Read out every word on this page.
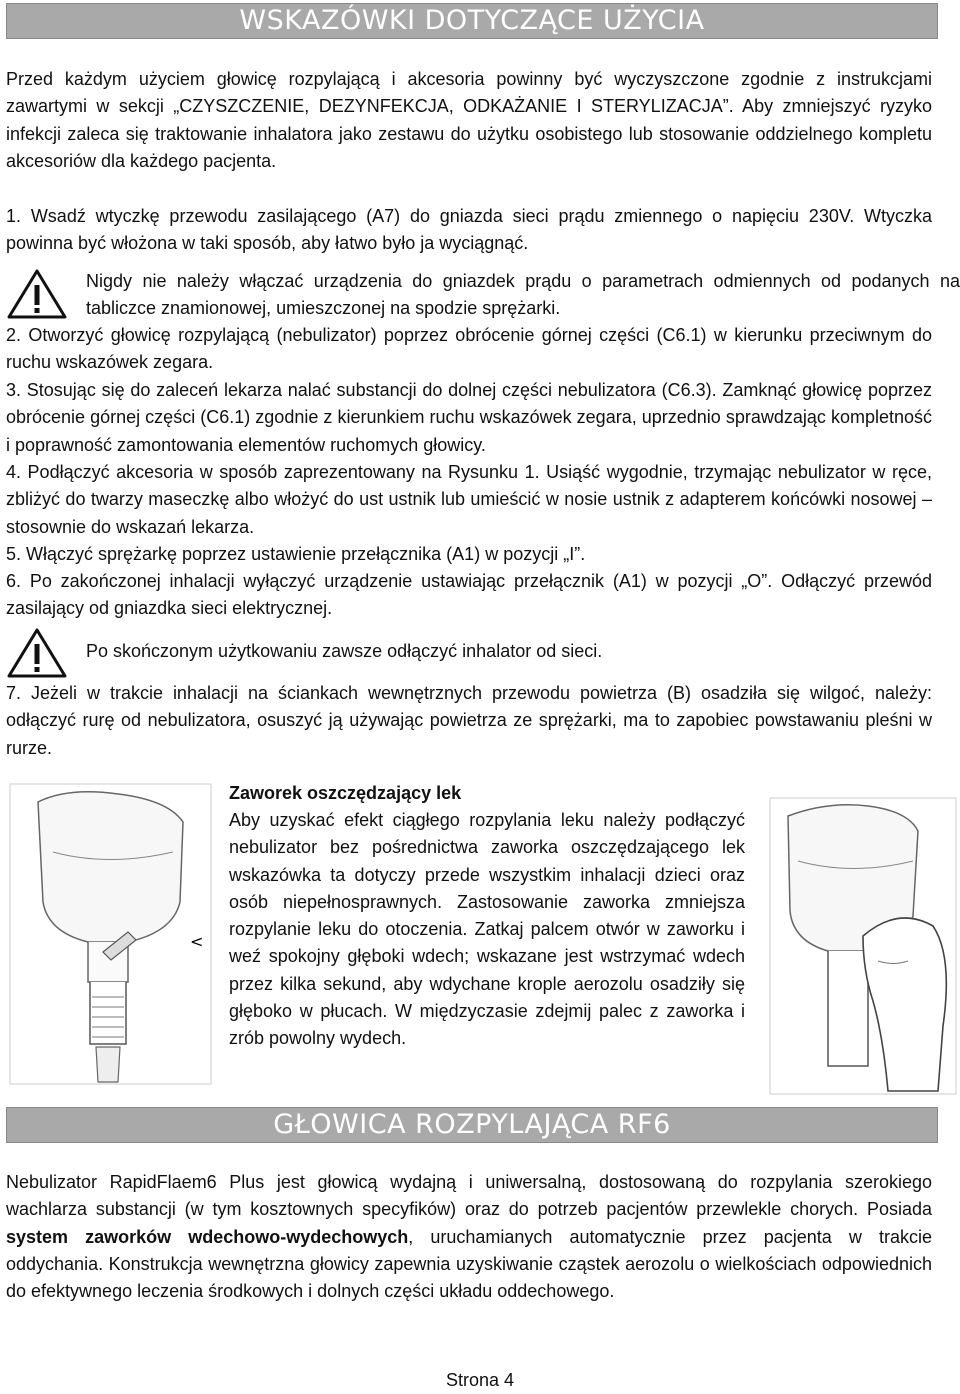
WSKAZÓWKI DOTYCZĄCE UŻYCIA

Przed każdym użyciem głowicę rozpylającą i akcesoria powinny być wyczyszczone zgodnie z instrukcjami zawartymi w sekcji „CZYSZCZENIE, DEZYNFEKCJA, ODKAŻANIE I STERYLIZACJA”. Aby zmniejszyć ryzyko infekcji zaleca się traktowanie inhalatora jako zestawu do użytku osobistego lub stosowanie oddzielnego kompletu akcesoriów dla każdego pacjenta.

1. Wsadź wtyczkę przewodu zasilającego (A7) do gniazda sieci prądu zmiennego o napięciu 230V. Wtyczka powinna być włożona w taki sposób, aby łatwo było ja wyciągnąć.

Nigdy nie należy włączać urządzenia do gniazdek prądu o parametrach odmiennych od podanych na tabliczce znamionowej, umieszczonej na spodzie sprężarki.

2. Otworzyć głowicę rozpylającą (nebulizator) poprzez obrócenie górnej części (C6.1) w kierunku przeciwnym do ruchu wskazówek zegara.

3. Stosując się do zaleceń lekarza nalać substancji do dolnej części nebulizatora (C6.3). Zamknąć głowicę poprzez obrócenie górnej części (C6.1) zgodnie z kierunkiem ruchu wskazówek zegara, uprzednio sprawdzając kompletność i poprawność zamontowania elementów ruchomych głowicy.

4. Podłączyć akcesoria w sposób zaprezentowany na Rysunku 1. Usiąść wygodnie, trzymając nebulizator w ręce, zbliżyć do twarzy maseczkę albo włożyć do ust ustnik lub umieścić w nosie ustnik z adapterem końcówki nosowej – stosownie do wskazań lekarza.

5. Włączyć sprężarkę poprzez ustawienie przełącznika (A1) w pozycji „I”.

6. Po zakończonej inhalacji wyłączyć urządzenie ustawiając przełącznik (A1) w pozycji „O”. Odłączyć przewód zasilający od gniazdka sieci elektrycznej.

Po skończonym użytkowaniu zawsze odłączyć inhalator od sieci.

7. Jeżeli w trakcie inhalacji na ściankach wewnętrznych przewodu powietrza (B) osadziła się wilgoć, należy: odłączyć rurę od nebulizatora, osuszyć ją używając powietrza ze sprężarki, ma to zapobiec powstawaniu pleśni w rurze.

<

Zaworek oszczędzający lek

Aby uzyskać efekt ciągłego rozpylania leku należy podłączyć nebulizator bez pośrednictwa zaworka oszczędzającego lek wskazówka ta dotyczy przede wszystkim inhalacji dzieci oraz osób niepełnosprawnych. Zastosowanie zaworka zmniejsza rozpylanie leku do otoczenia. Zatkaj palcem otwór w zaworku i weź spokojny głęboki wdech; wskazane jest wstrzymać wdech przez kilka sekund, aby wdychane krople aerozolu osadziły się głęboko w płucach. W międzyczasie zdejmij palec z zaworka i zrób powolny wydech.

GŁOWICA ROZPYLAJĄCA RF6

Nebulizator RapidFlaem6 Plus jest głowicą wydajną i uniwersalną, dostosowaną do rozpylania szerokiego wachlarza substancji (w tym kosztownych specyfików) oraz do potrzeb pacjentów przewlekle chorych. Posiada system zaworków wdechowo-wydechowych, uruchamianych automatycznie przez pacjenta w trakcie oddychania. Konstrukcja wewnętrzna głowicy zapewnia uzyskiwanie cząstek aerozolu o wielkościach odpowiednich do efektywnego leczenia środkowych i dolnych części układu oddechowego.

Strona 4
